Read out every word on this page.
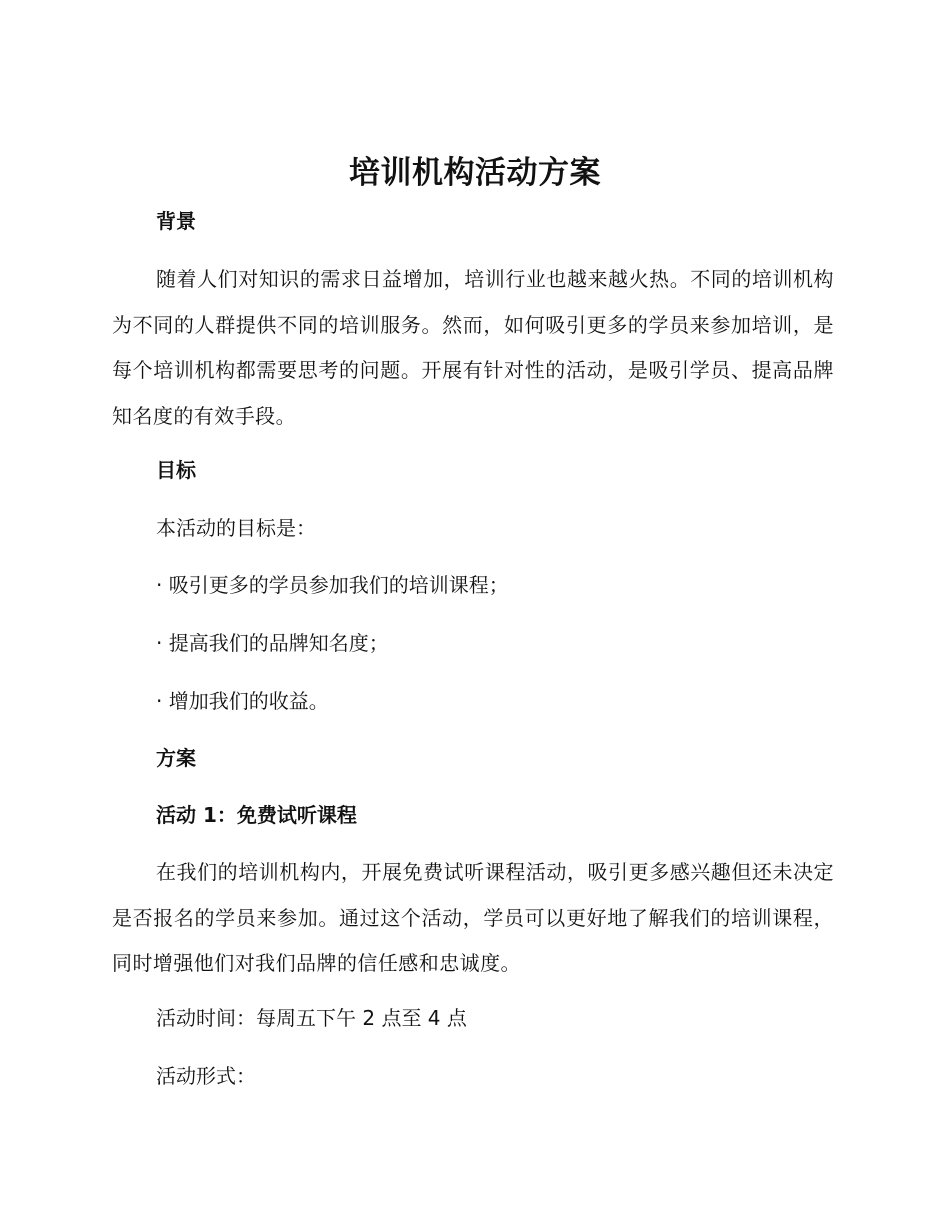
培训机构活动方案
背景
随着人们对知识的需求日益增加，培训行业也越来越火热。不同的培训机构为不同的人群提供不同的培训服务。然而，如何吸引更多的学员来参加培训，是每个培训机构都需要思考的问题。开展有针对性的活动，是吸引学员、提高品牌知名度的有效手段。
目标
本活动的目标是：
· 吸引更多的学员参加我们的培训课程；
· 提高我们的品牌知名度；
· 增加我们的收益。
方案
活动 1：免费试听课程
在我们的培训机构内，开展免费试听课程活动，吸引更多感兴趣但还未决定是否报名的学员来参加。通过这个活动，学员可以更好地了解我们的培训课程，同时增强他们对我们品牌的信任感和忠诚度。
活动时间：每周五下午 2 点至 4 点
活动形式：
